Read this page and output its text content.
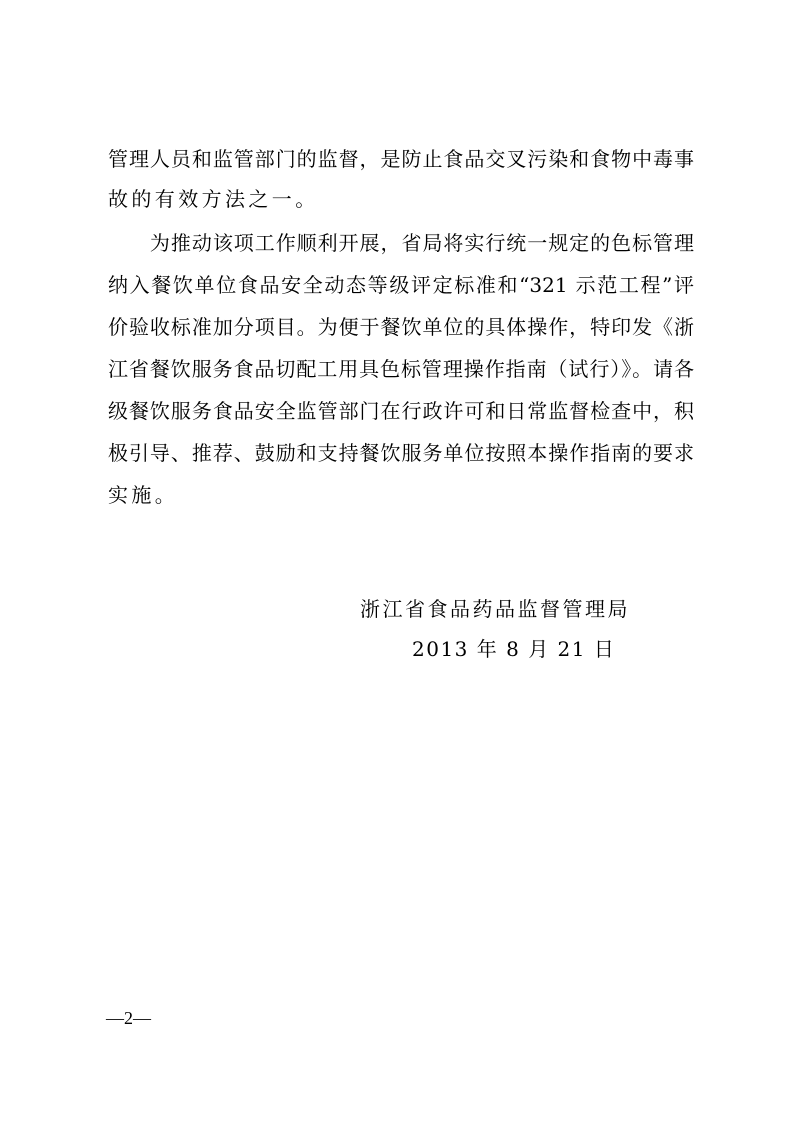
管理人员和监管部门的监督，是防止食品交叉污染和食物中毒事
故的有效方法之一。
　　为推动该项工作顺利开展，省局将实行统一规定的色标管理
纳入餐饮单位食品安全动态等级评定标准和“321 示范工程”评
价验收标准加分项目。为便于餐饮单位的具体操作，特印发《浙
江省餐饮服务食品切配工用具色标管理操作指南（试行）》。请各
级餐饮服务食品安全监管部门在行政许可和日常监督检查中，积
极引导、推荐、鼓励和支持餐饮服务单位按照本操作指南的要求
实施。
浙江省食品药品监督管理局
2013 年 8 月 21 日
—2—
